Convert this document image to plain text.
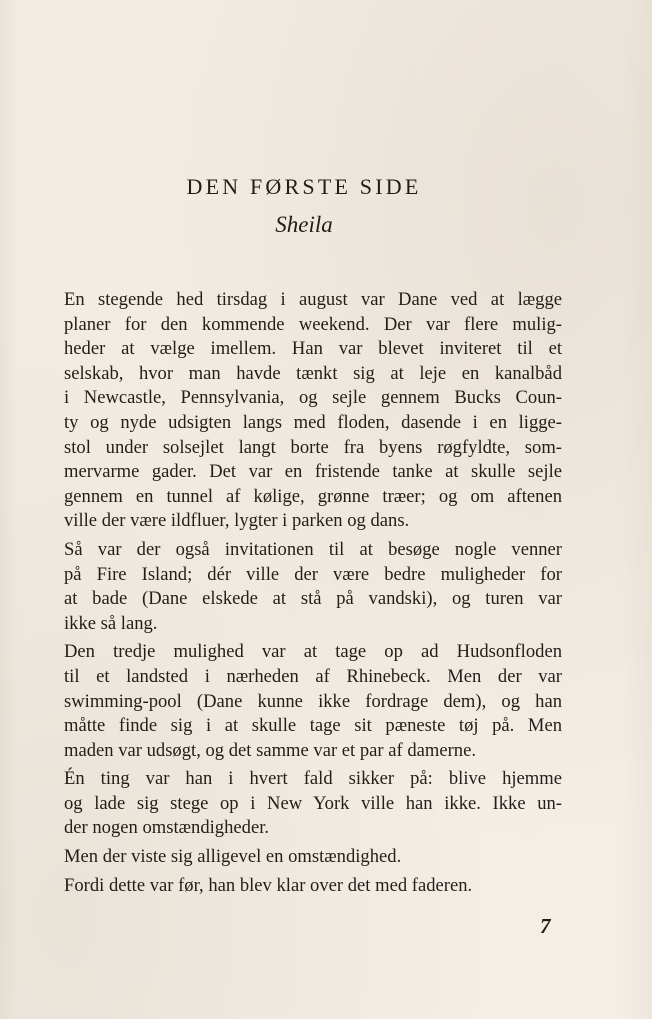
DEN FØRSTE SIDE
Sheila

En stegende hed tirsdag i august var Dane ved at lægge
planer for den kommende weekend. Der var flere mulig-
heder at vælge imellem. Han var blevet inviteret til et
selskab, hvor man havde tænkt sig at leje en kanalbåd
i Newcastle, Pennsylvania, og sejle gennem Bucks Coun-
ty og nyde udsigten langs med floden, dasende i en ligge-
stol under solsejlet langt borte fra byens røgfyldte, som-
mervarme gader. Det var en fristende tanke at skulle sejle
gennem en tunnel af kølige, grønne træer; og om aftenen
ville der være ildfluer, lygter i parken og dans.

Så var der også invitationen til at besøge nogle venner
på Fire Island; dér ville der være bedre muligheder for
at bade (Dane elskede at stå på vandski), og turen var
ikke så lang.

Den tredje mulighed var at tage op ad Hudsonfloden
til et landsted i nærheden af Rhinebeck. Men der var
swimming-pool (Dane kunne ikke fordrage dem), og han
måtte finde sig i at skulle tage sit pæneste tøj på. Men
maden var udsøgt, og det samme var et par af damerne.

Én ting var han i hvert fald sikker på: blive hjemme
og lade sig stege op i New York ville han ikke. Ikke un-
der nogen omstændigheder.

Men der viste sig alligevel en omstændighed.

Fordi dette var før, han blev klar over det med faderen.

7
